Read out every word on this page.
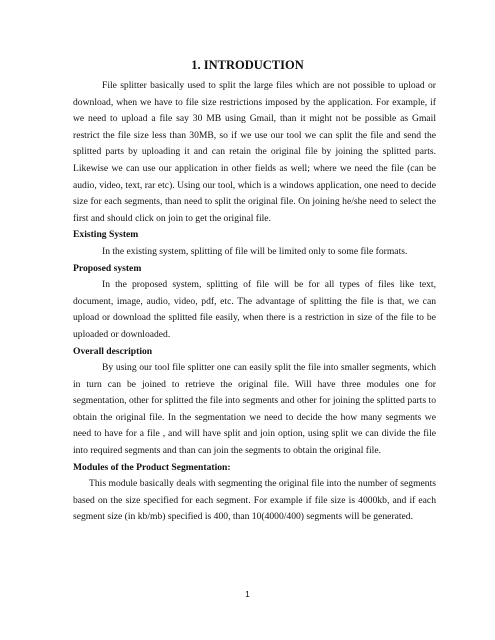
1. INTRODUCTION

File splitter basically used to split the large files which are not possible to upload or download, when we have to file size restrictions imposed by the application. For example, if we need to upload a file say 30 MB using Gmail, than it might not be possible as Gmail restrict the file size less than 30MB, so if we use our tool we can split the file and send the splitted parts by uploading it and can retain the original file by joining the splitted parts. Likewise we can use our application in other fields as well; where we need the file (can be audio, video, text, rar etc). Using our tool, which is a windows application, one need to decide size for each segments, than need to split the original file. On joining he/she need to select the first and should click on join to get the original file.

Existing System

In the existing system, splitting of file will be limited only to some file formats.

Proposed system

In the proposed system, splitting of file will be for all types of files like text, document, image, audio, video, pdf, etc. The advantage of splitting the file is that, we can upload or download the splitted file easily, when there is a restriction in size of the file to be uploaded or downloaded.

Overall description

By using our tool file splitter one can easily split the file into smaller segments, which in turn can be joined to retrieve the original file. Will have three modules one for segmentation, other for splitted the file into segments and other for joining the splitted parts to obtain the original file. In the segmentation we need to decide the how many segments we need to have for a file , and will have split and join option, using split we can divide the file into required segments and than can join the segments to obtain the original file.

Modules of the Product Segmentation:

This module basically deals with segmenting the original file into the number of segments based on the size specified for each segment. For example if file size is 4000kb, and if each segment size (in kb/mb) specified is 400, than 10(4000/400) segments will be generated.

1
